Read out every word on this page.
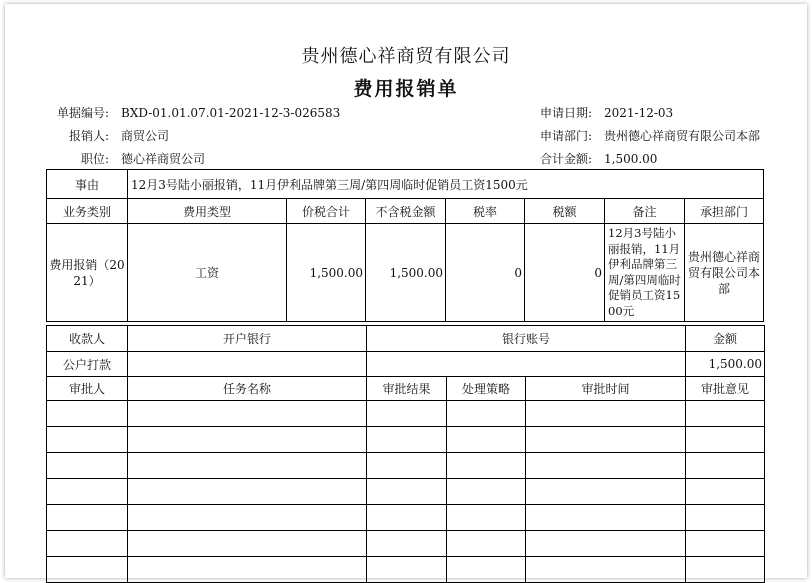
贵州德心祥商贸有限公司
费用报销单
单据编号: BXD-01.01.07.01-2021-12-3-026583
报销人: 商贸公司
职位: 德心祥商贸公司
申请日期: 2021-12-03
申请部门: 贵州德心祥商贸有限公司本部
合计金额: 1,500.00
事由	12月3号陆小丽报销，11月伊利品牌第三周/第四周临时促销员工资1500元						
业务类别	费用类型	价税合计	不含税金额	税率	税额	备注	承担部门
费用报销（2021）	工资	1,500.00	1,500.00	0	0	12月3号陆小丽报销，11月伊利品牌第三周/第四周临时促销员工资1500元	贵州德心祥商贸有限公司本部
收款人	开户银行	银行账号			金额
公户打款					1,500.00
审批人	任务名称	审批结果	处理策略	审批时间	审批意见
